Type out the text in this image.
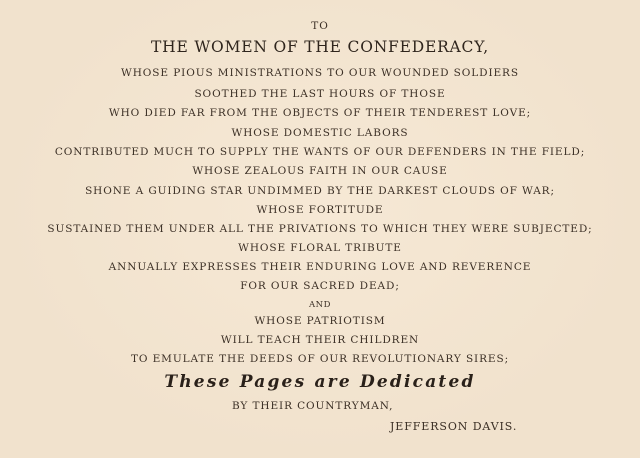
TO
THE WOMEN OF THE CONFEDERACY,
WHOSE PIOUS MINISTRATIONS TO OUR WOUNDED SOLDIERS
SOOTHED THE LAST HOURS OF THOSE
WHO DIED FAR FROM THE OBJECTS OF THEIR TENDEREST LOVE;
WHOSE DOMESTIC LABORS
CONTRIBUTED MUCH TO SUPPLY THE WANTS OF OUR DEFENDERS IN THE FIELD;
WHOSE ZEALOUS FAITH IN OUR CAUSE
SHONE A GUIDING STAR UNDIMMED BY THE DARKEST CLOUDS OF WAR;
WHOSE FORTITUDE
SUSTAINED THEM UNDER ALL THE PRIVATIONS TO WHICH THEY WERE SUBJECTED;
WHOSE FLORAL TRIBUTE
ANNUALLY EXPRESSES THEIR ENDURING LOVE AND REVERENCE
FOR OUR SACRED DEAD;
AND
WHOSE PATRIOTISM
WILL TEACH THEIR CHILDREN
TO EMULATE THE DEEDS OF OUR REVOLUTIONARY SIRES;
These Pages are Dedicated
BY THEIR COUNTRYMAN,
JEFFERSON DAVIS.
